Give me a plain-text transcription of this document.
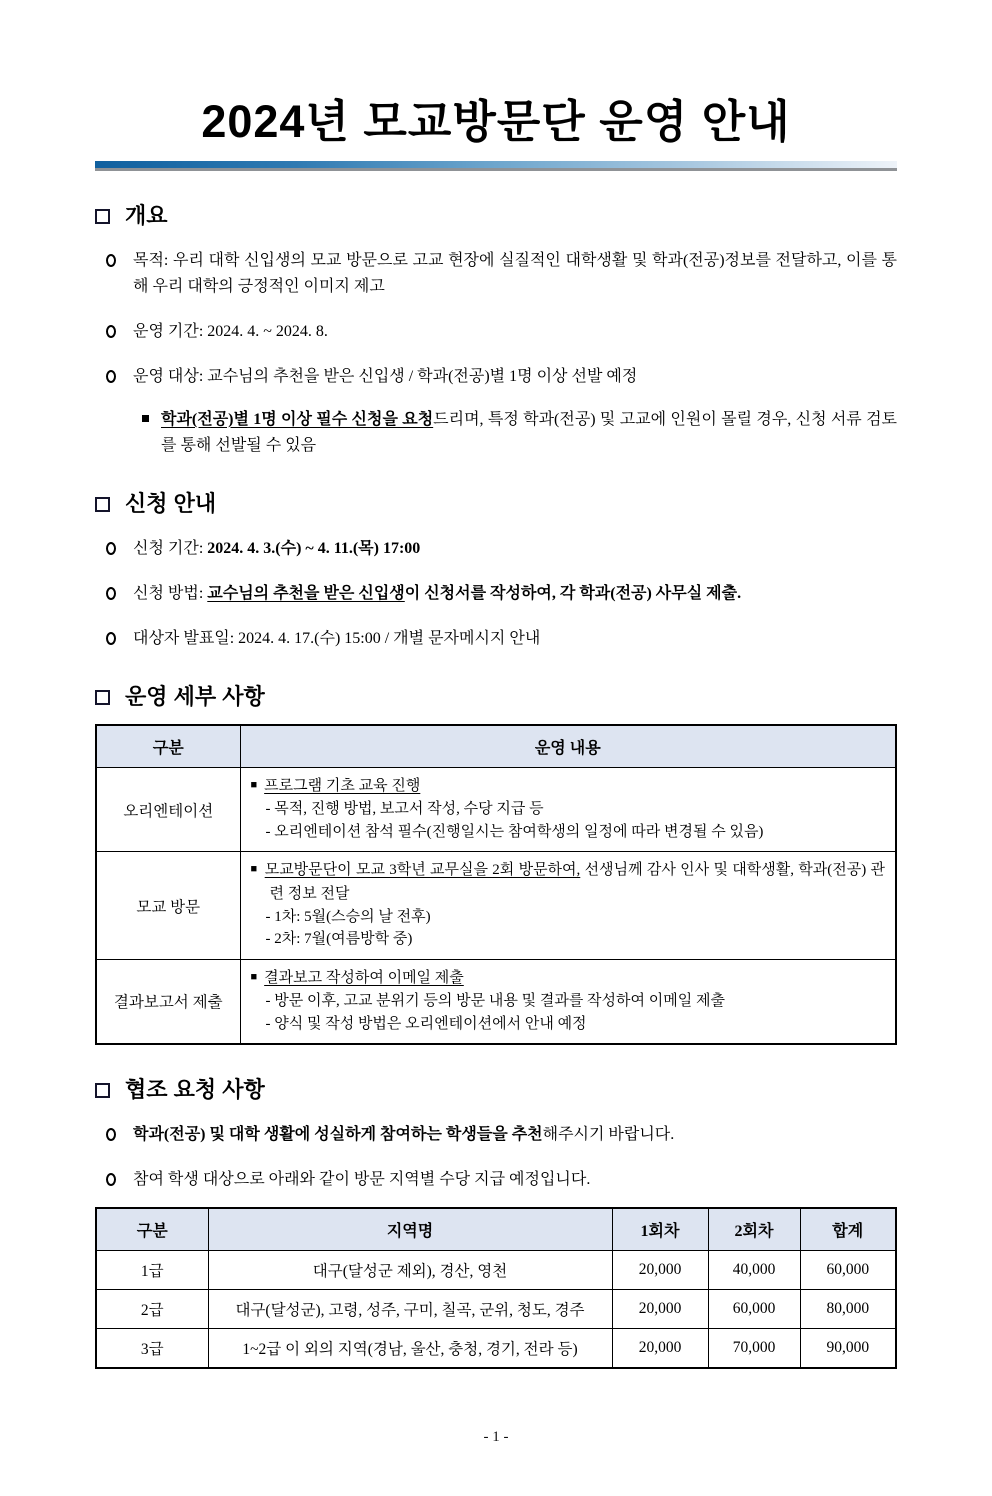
2024년 모교방문단 운영 안내
개요
목적: 우리 대학 신입생의 모교 방문으로 고교 현장에 실질적인 대학생활 및 학과(전공)정보를 전달하고, 이를 통해 우리 대학의 긍정적인 이미지 제고
운영 기간: 2024. 4. ~ 2024. 8.
운영 대상: 교수님의 추천을 받은 신입생 / 학과(전공)별 1명 이상 선발 예정
학과(전공)별 1명 이상 필수 신청을 요청드리며, 특정 학과(전공) 및 고교에 인원이 몰릴 경우, 신청 서류 검토를 통해 선발될 수 있음
신청 안내
신청 기간: 2024. 4. 3.(수) ~ 4. 11.(목) 17:00
신청 방법: 교수님의 추천을 받은 신입생이 신청서를 작성하여, 각 학과(전공) 사무실 제출.
대상자 발표일: 2024. 4. 17.(수) 15:00 / 개별 문자메시지 안내
운영 세부 사항
구분	운영 내용
오리엔테이션	■ 프로그램 기초 교육 진행
- 목적, 진행 방법, 보고서 작성, 수당 지급 등
- 오리엔테이션 참석 필수(진행일시는 참여학생의 일정에 따라 변경될 수 있음)

모교 방문	■ 모교방문단이 모교 3학년 교무실을 2회 방문하여, 선생님께 감사 인사 및 대학생활, 학과(전공) 관련 정보 전달
- 1차: 5월(스승의 날 전후)
- 2차: 7월(여름방학 중)

결과보고서 제출	■ 결과보고 작성하여 이메일 제출
- 방문 이후, 고교 분위기 등의 방문 내용 및 결과를 작성하여 이메일 제출
- 양식 및 작성 방법은 오리엔테이션에서 안내 예정
협조 요청 사항
학과(전공) 및 대학 생활에 성실하게 참여하는 학생들을 추천해주시기 바랍니다.
참여 학생 대상으로 아래와 같이 방문 지역별 수당 지급 예정입니다.
구분	지역명	1회차	2회차	합계
1급	대구(달성군 제외), 경산, 영천	20,000	40,000	60,000
2급	대구(달성군), 고령, 성주, 구미, 칠곡, 군위, 청도, 경주	20,000	60,000	80,000
3급	1~2급 이 외의 지역(경남, 울산, 충청, 경기, 전라 등)	20,000	70,000	90,000
- 1 -
